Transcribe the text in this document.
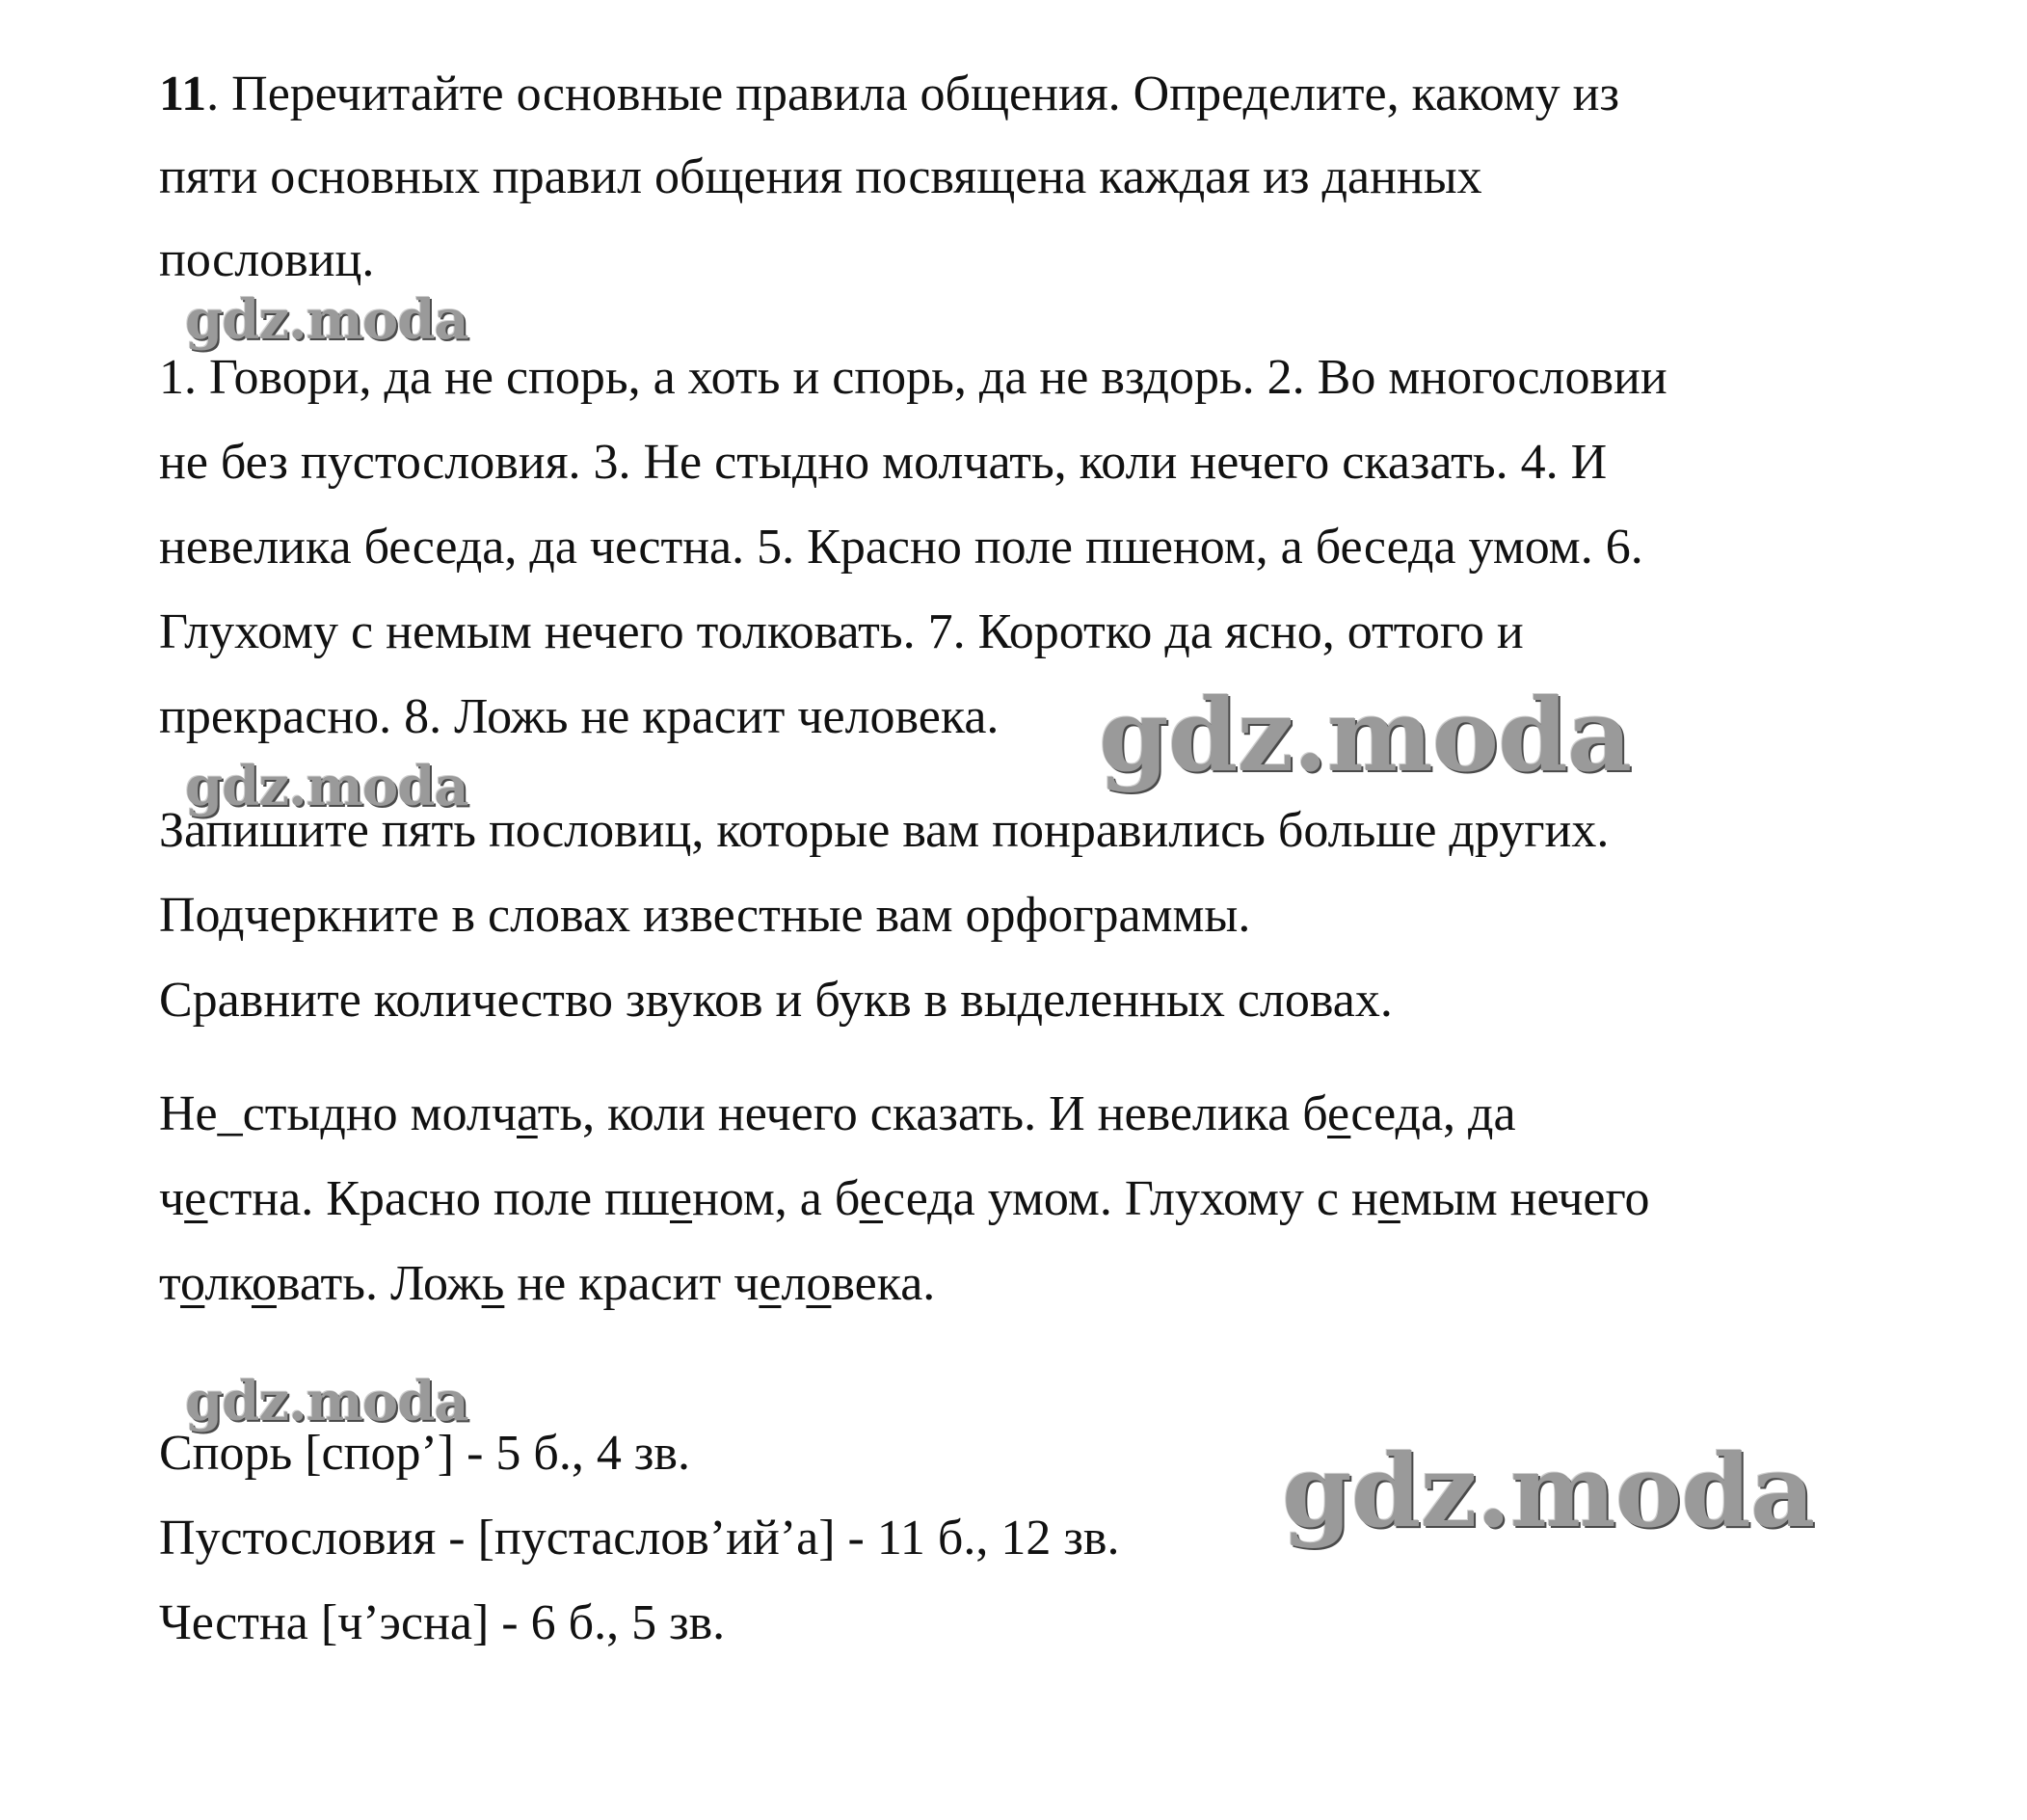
11. Перечитайте основные правила общения. Определите, какому из
пяти основных правил общения посвящена каждая из данных
пословиц.
1. Говори, да не спорь, а хоть и спорь, да не вздорь. 2. Во многословии
не без пустословия. 3. Не стыдно молчать, коли нечего сказать. 4. И
невелика беседа, да честна. 5. Красно поле пшеном, а беседа умом. 6.
Глухому с немым нечего толковать. 7. Коротко да ясно, оттого и
прекрасно. 8. Ложь не красит человека.
Запишите пять пословиц, которые вам понравились больше других.
Подчеркните в словах известные вам орфограммы.
Сравните количество звуков и букв в выделенных словах.
Не_стыдно молчать, коли нечего сказать. И невелика беседа, да
честна. Красно поле пшеном, а беседа умом. Глухому с немым нечего
толковать. Ложь не красит человека.
Спорь [спор’] - 5 б., 4 зв.
Пустословия - [пустаслов’ий’а] - 11 б., 12 зв.
Честна [ч’эсна] - 6 б., 5 зв.
gdz.moda
gdz.moda
gdz.moda
gdz.moda
gdz.moda
